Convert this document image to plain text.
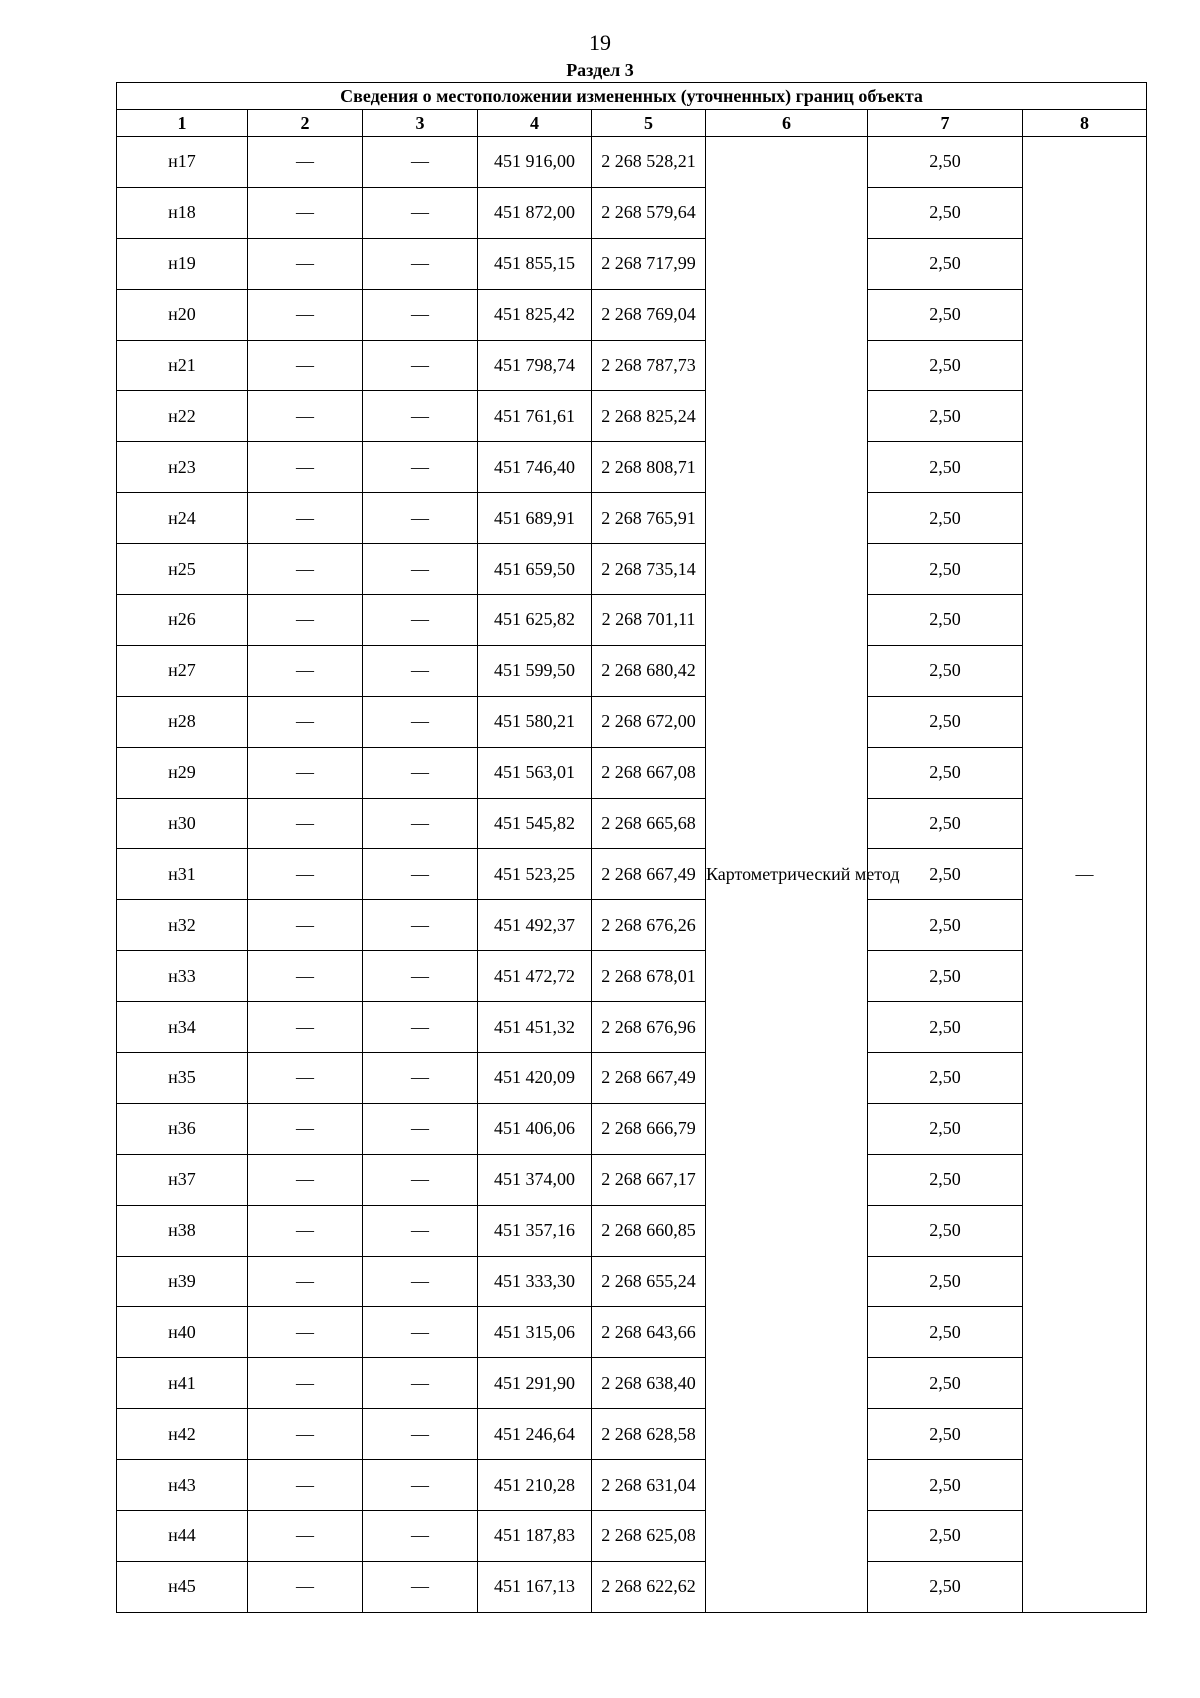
19
Раздел 3
Сведения о местоположении измененных (уточненных) границ объекта							
1	2	3	4	5	6	7	8
н17	—	—	451 916,00	2 268 528,21	Картометрический метод	2,50	—
н18	—	—	451 872,00	2 268 579,64		2,50	
н19	—	—	451 855,15	2 268 717,99		2,50	
н20	—	—	451 825,42	2 268 769,04		2,50	
н21	—	—	451 798,74	2 268 787,73		2,50	
н22	—	—	451 761,61	2 268 825,24		2,50	
н23	—	—	451 746,40	2 268 808,71		2,50	
н24	—	—	451 689,91	2 268 765,91		2,50	
н25	—	—	451 659,50	2 268 735,14		2,50	
н26	—	—	451 625,82	2 268 701,11		2,50	
н27	—	—	451 599,50	2 268 680,42		2,50	
н28	—	—	451 580,21	2 268 672,00		2,50	
н29	—	—	451 563,01	2 268 667,08		2,50	
н30	—	—	451 545,82	2 268 665,68		2,50	
н31	—	—	451 523,25	2 268 667,49		2,50	
н32	—	—	451 492,37	2 268 676,26		2,50	
н33	—	—	451 472,72	2 268 678,01		2,50	
н34	—	—	451 451,32	2 268 676,96		2,50	
н35	—	—	451 420,09	2 268 667,49		2,50	
н36	—	—	451 406,06	2 268 666,79		2,50	
н37	—	—	451 374,00	2 268 667,17		2,50	
н38	—	—	451 357,16	2 268 660,85		2,50	
н39	—	—	451 333,30	2 268 655,24		2,50	
н40	—	—	451 315,06	2 268 643,66		2,50	
н41	—	—	451 291,90	2 268 638,40		2,50	
н42	—	—	451 246,64	2 268 628,58		2,50	
н43	—	—	451 210,28	2 268 631,04		2,50	
н44	—	—	451 187,83	2 268 625,08		2,50	
н45	—	—	451 167,13	2 268 622,62		2,50	
